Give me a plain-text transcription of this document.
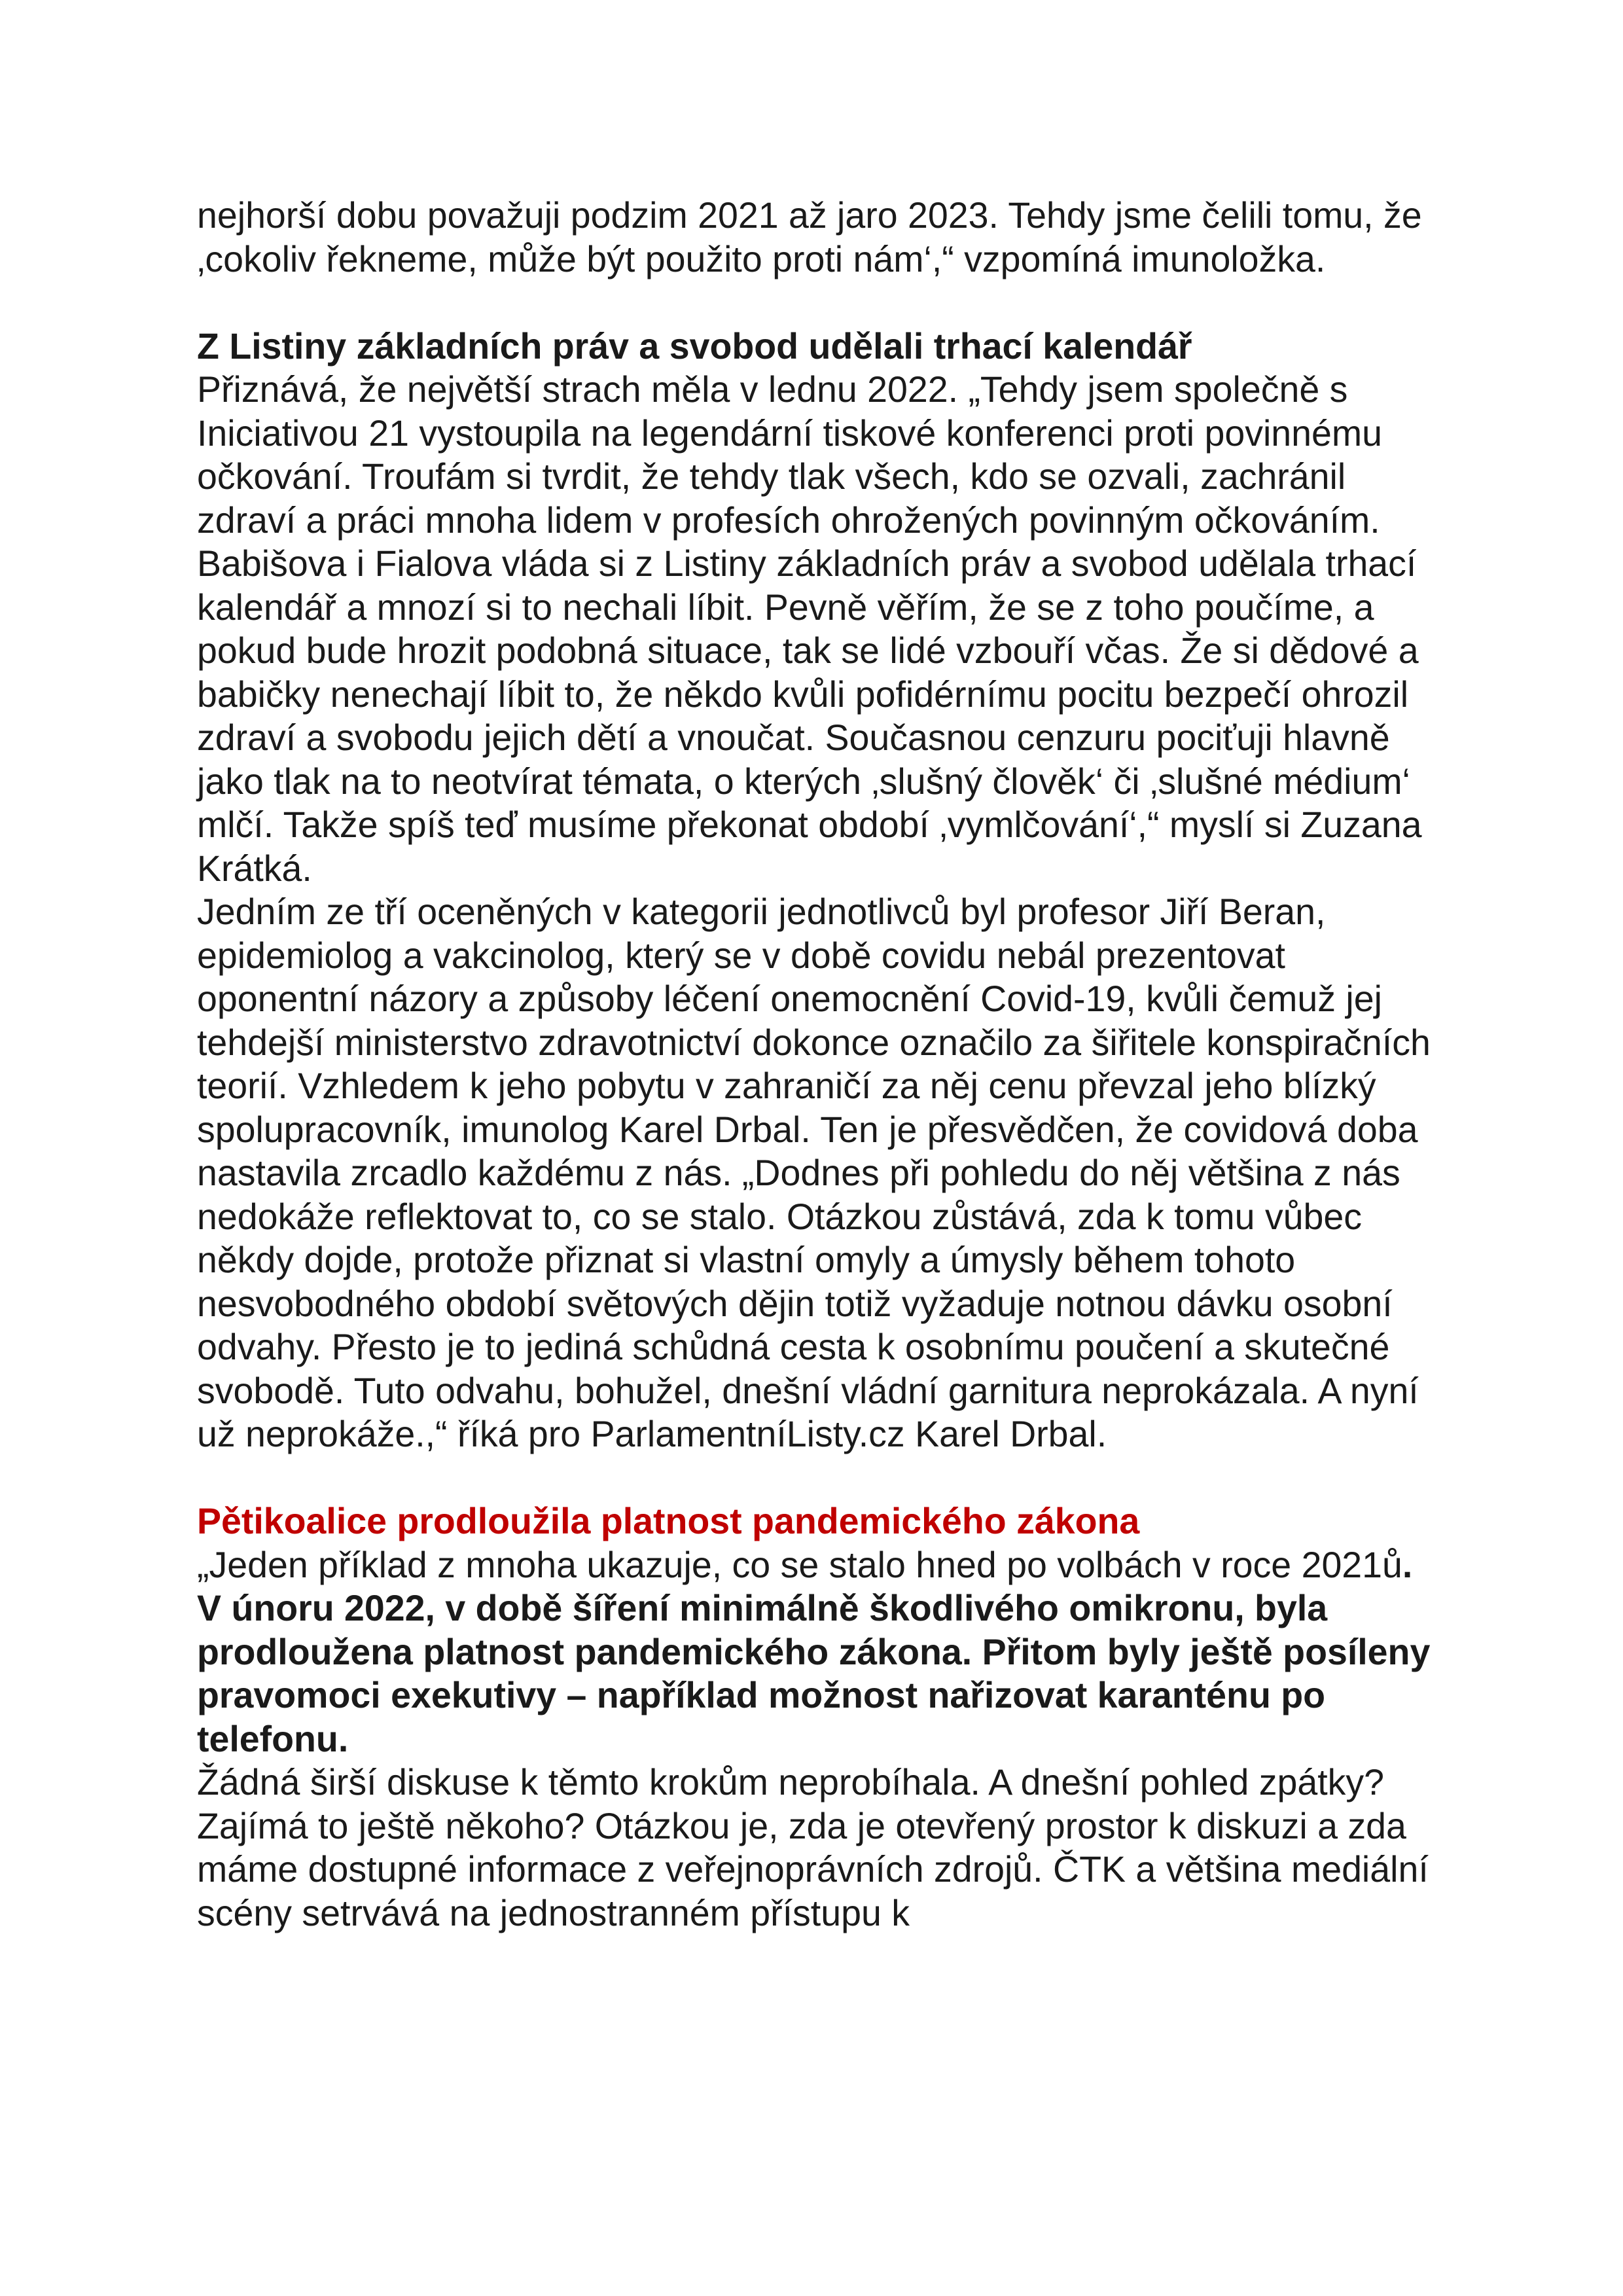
nejhorší dobu považuji podzim 2021 až jaro 2023. Tehdy jsme čelili tomu, že ‚cokoliv řekneme, může být použito proti nám‘,“ vzpomíná imunoložka.

Z Listiny základních práv a svobod udělali trhací kalendář

Přiznává, že největší strach měla v lednu 2022. „Tehdy jsem společně s Iniciativou 21 vystoupila na legendární tiskové konferenci proti povinnému očkování. Troufám si tvrdit, že tehdy tlak všech, kdo se ozvali, zachránil zdraví a práci mnoha lidem v profesích ohrožených povinným očkováním.

Babišova i Fialova vláda si z Listiny základních práv a svobod udělala trhací kalendář a mnozí si to nechali líbit. Pevně věřím, že se z toho poučíme, a pokud bude hrozit podobná situace, tak se lidé vzbouří včas. Že si dědové a babičky nenechají líbit to, že někdo kvůli pofidérnímu pocitu bezpečí ohrozil zdraví a svobodu jejich dětí a vnoučat. Současnou cenzuru pociťuji hlavně jako tlak na to neotvírat témata, o kterých ‚slušný člověk‘ či ‚slušné médium‘ mlčí. Takže spíš teď musíme překonat období ‚vymlčování‘,“ myslí si Zuzana Krátká.

Jedním ze tří oceněných v kategorii jednotlivců byl profesor Jiří Beran, epidemiolog a vakcinolog, který se v době covidu nebál prezentovat oponentní názory a způsoby léčení onemocnění Covid-19, kvůli čemuž jej tehdejší ministerstvo zdravotnictví dokonce označilo za šiřitele konspiračních teorií. Vzhledem k jeho pobytu v zahraničí za něj cenu převzal jeho blízký spolupracovník, imunolog Karel Drbal. Ten je přesvědčen, že covidová doba nastavila zrcadlo každému z nás. „Dodnes při pohledu do něj většina z nás nedokáže reflektovat to, co se stalo. Otázkou zůstává, zda k tomu vůbec někdy dojde, protože přiznat si vlastní omyly a úmysly během tohoto nesvobodného období světových dějin totiž vyžaduje notnou dávku osobní odvahy. Přesto je to jediná schůdná cesta k osobnímu poučení a skutečné svobodě. Tuto odvahu, bohužel, dnešní vládní garnitura neprokázala. A nyní už neprokáže.,“ říká pro ParlamentníListy.cz Karel Drbal.

Pětikoalice prodloužila platnost pandemického zákona

„Jeden příklad z mnoha ukazuje, co se stalo hned po volbách v roce 2021ů. V únoru 2022, v době šíření minimálně škodlivého omikronu, byla prodloužena platnost pandemického zákona. Přitom byly ještě posíleny pravomoci exekutivy – například možnost nařizovat karanténu po telefonu.

Žádná širší diskuse k těmto krokům neprobíhala. A dnešní pohled zpátky? Zajímá to ještě někoho? Otázkou je, zda je otevřený prostor k diskuzi a zda máme dostupné informace z veřejnoprávních zdrojů. ČTK a většina mediální scény setrvává na jednostranném přístupu k
